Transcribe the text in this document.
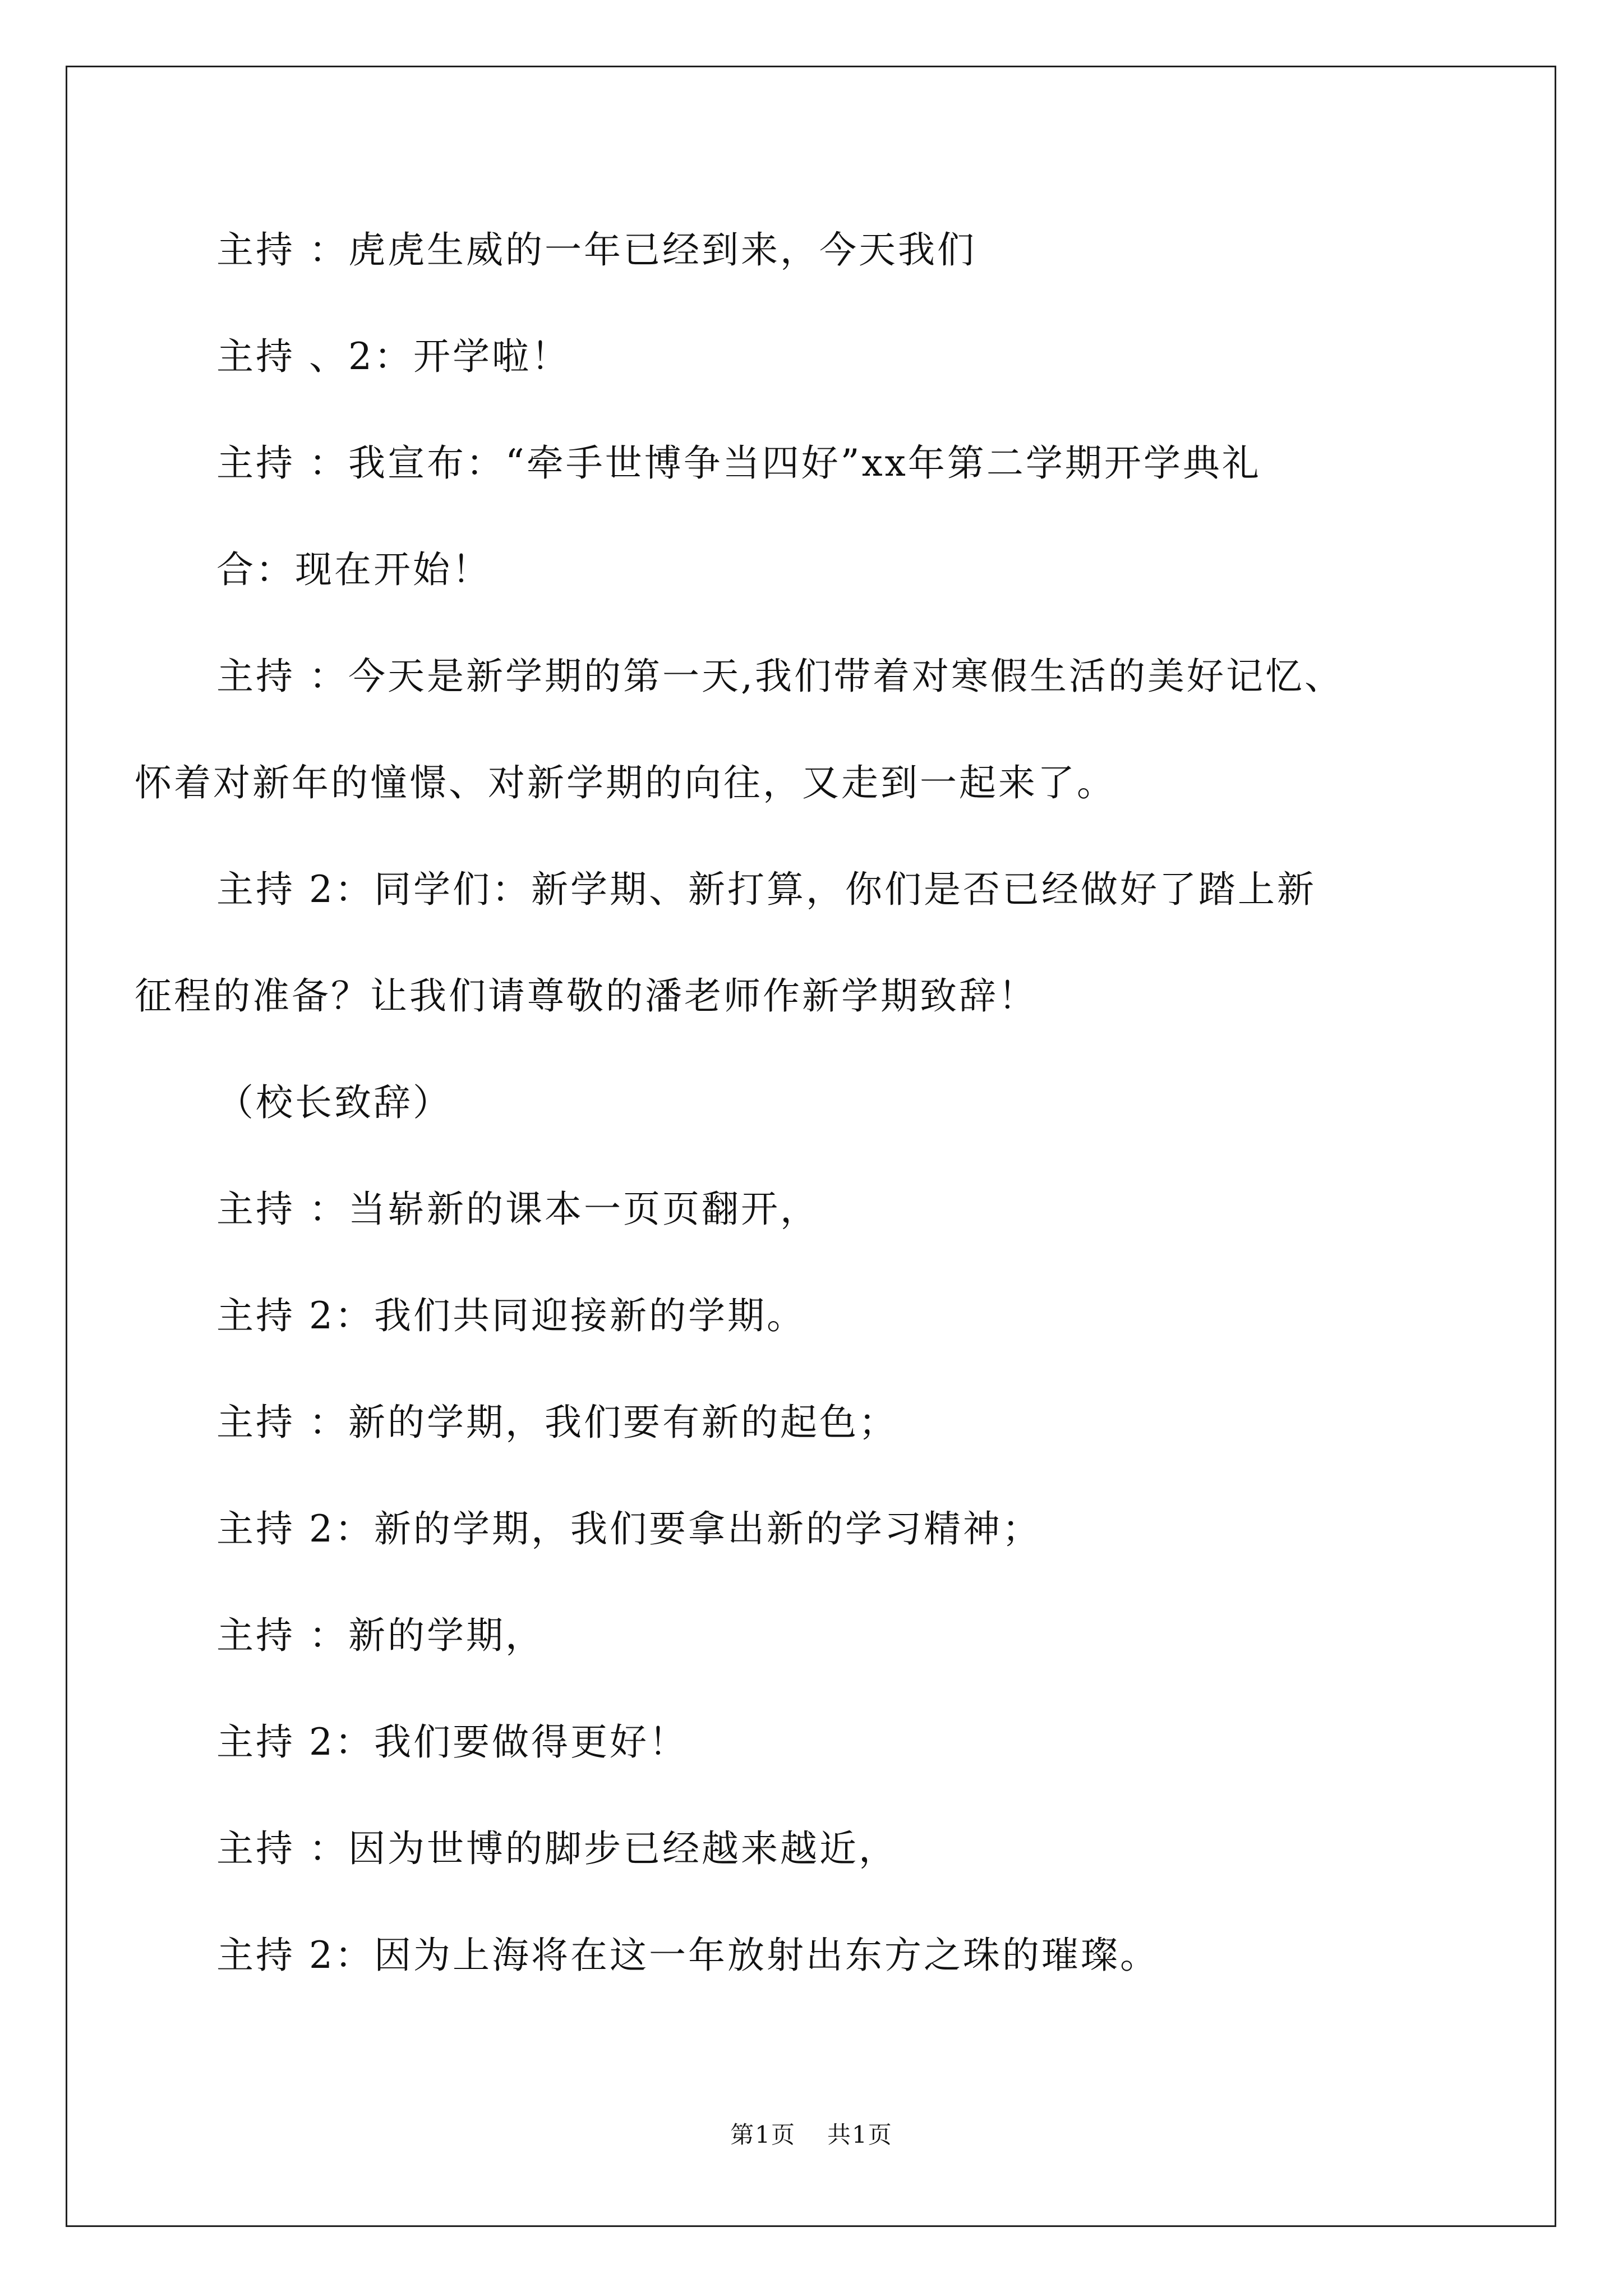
主持 ：虎虎生威的一年已经到来，今天我们
主持 、2：开学啦！
主持 ：我宣布：“牵手世博争当四好”xx年第二学期开学典礼
合：现在开始！
主持 ：今天是新学期的第一天,我们带着对寒假生活的美好记忆、
怀着对新年的憧憬、对新学期的向往，又走到一起来了。
主持 2：同学们：新学期、新打算，你们是否已经做好了踏上新
征程的准备？让我们请尊敬的潘老师作新学期致辞！
（校长致辞）
主持 ：当崭新的课本一页页翻开，
主持 2：我们共同迎接新的学期。
主持 ：新的学期，我们要有新的起色；
主持 2：新的学期，我们要拿出新的学习精神；
主持 ：新的学期，
主持 2：我们要做得更好！
主持 ：因为世博的脚步已经越来越近，
主持 2：因为上海将在这一年放射出东方之珠的璀璨。
第1页 共1页
